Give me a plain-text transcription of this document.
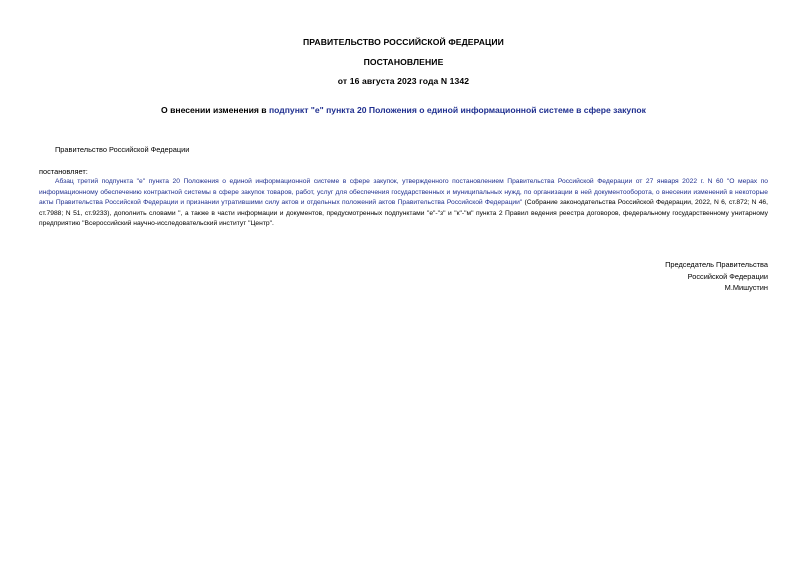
ПРАВИТЕЛЬСТВО РОССИЙСКОЙ ФЕДЕРАЦИИ
ПОСТАНОВЛЕНИЕ
от 16 августа 2023 года N 1342
О внесении изменения в подпункт "е" пункта 20 Положения о единой информационной системе в сфере закупок
Правительство Российской Федерации
постановляет:
Абзац третий подпункта "е" пункта 20 Положения о единой информационной системе в сфере закупок, утвержденного постановлением Правительства Российской Федерации от 27 января 2022 г. N 60 "О мерах по информационному обеспечению контрактной системы в сфере закупок товаров, работ, услуг для обеспечения государственных и муниципальных нужд, по организации в ней документооборота, о внесении изменений в некоторые акты Правительства Российской Федерации и признании утратившими силу актов и отдельных положений актов Правительства Российской Федерации" (Собрание законодательства Российской Федерации, 2022, N 6, ст.872; N 46, ст.7988; N 51, ст.9233), дополнить словами ", а также в части информации и документов, предусмотренных подпунктами "е"-"з" и "к"-"м" пункта 2 Правил ведения реестра договоров, федеральному государственному унитарному предприятию "Всероссийский научно-исследовательский институт "Центр".
Председатель Правительства
Российской Федерации
М.Мишустин
